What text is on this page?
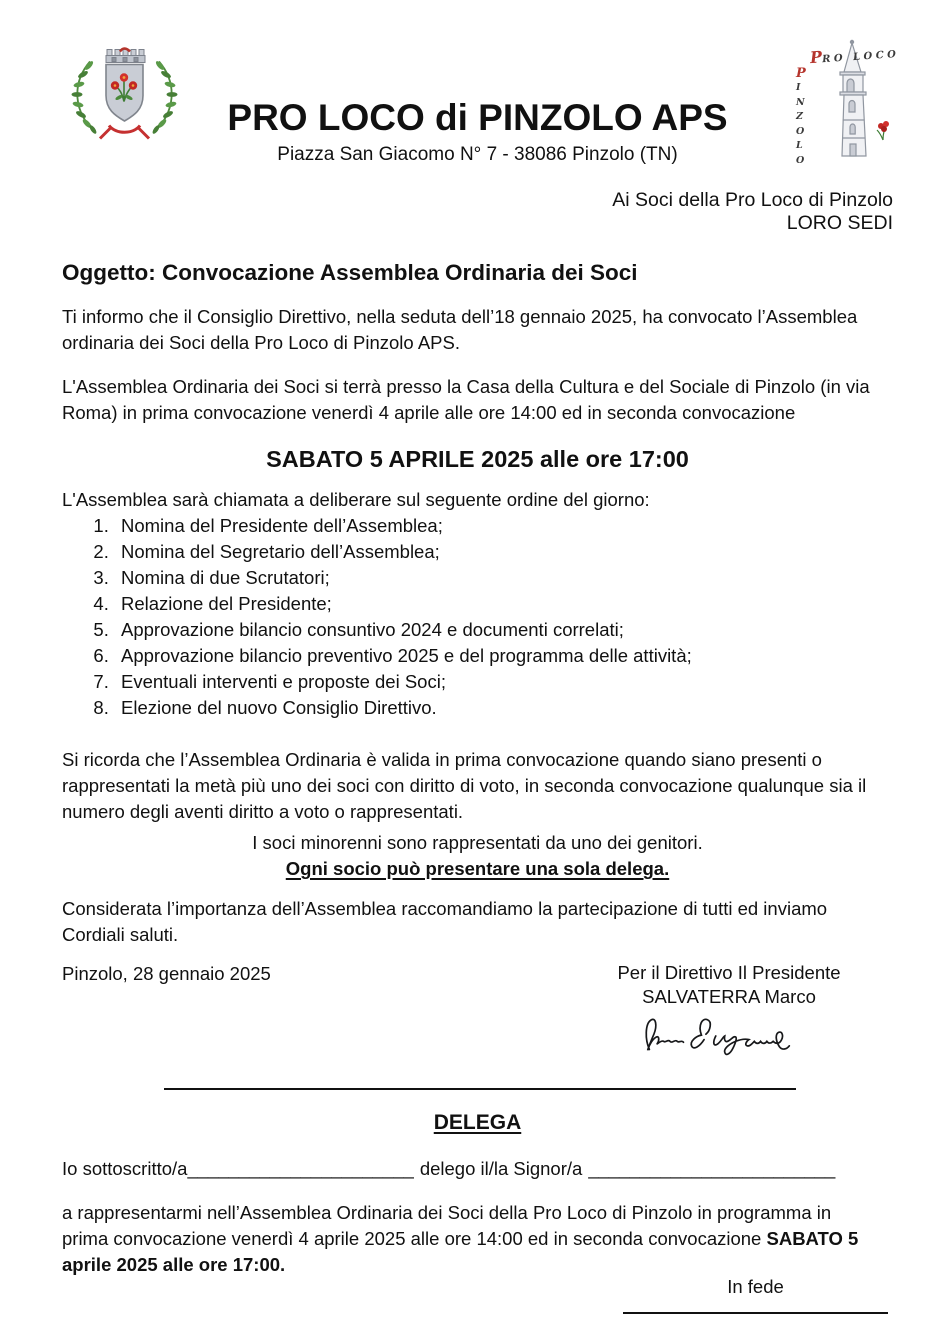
PRO LOCO
P
INZOLO
PRO LOCO di PINZOLO APS
Piazza San Giacomo N° 7 - 38086 Pinzolo (TN)
Ai Soci della Pro Loco di Pinzolo
LORO SEDI
Oggetto: Convocazione Assemblea Ordinaria dei Soci

Ti informo che il Consiglio Direttivo, nella seduta dell’18 gennaio 2025, ha convocato l’Assemblea
ordinaria dei Soci della Pro Loco di Pinzolo APS.

L'Assemblea Ordinaria dei Soci si terrà presso la Casa della Cultura e del Sociale di Pinzolo (in via
Roma) in prima convocazione venerdì 4 aprile alle ore 14:00 ed in seconda convocazione

SABATO 5 APRILE 2025 alle ore 17:00
L'Assemblea sarà chiamata a deliberare sul seguente ordine del giorno:
1. Nomina del Presidente dell’Assemblea;
2. Nomina del Segretario dell’Assemblea;
3. Nomina di due Scrutatori;
4. Relazione del Presidente;
5. Approvazione bilancio consuntivo 2024 e documenti correlati;
6. Approvazione bilancio preventivo 2025 e del programma delle attività;
7. Eventuali interventi e proposte dei Soci;
8. Elezione del nuovo Consiglio Direttivo.

Si ricorda che l’Assemblea Ordinaria è valida in prima convocazione quando siano presenti o
rappresentati la metà più uno dei soci con diritto di voto, in seconda convocazione qualunque sia il
numero degli aventi diritto a voto o rappresentati.

I soci minorenni sono rappresentati da uno dei genitori.
Ogni socio può presentare una sola delega.

Considerata l’importanza dell’Assemblea raccomandiamo la partecipazione di tutti ed inviamo
Cordiali saluti.

Pinzolo, 28 gennaio 2025	Per il Direttivo Il Presidente
SALVATERRA Marco
DELEGA
Io sottoscritto/a______________________ delego il/la Signor/a ________________________

a rappresentarmi nell’Assemblea Ordinaria dei Soci della Pro Loco di Pinzolo in programma in
prima convocazione venerdì 4 aprile 2025 alle ore 14:00 ed in seconda convocazione SABATO 5
aprile 2025 alle ore 17:00.

In fede
